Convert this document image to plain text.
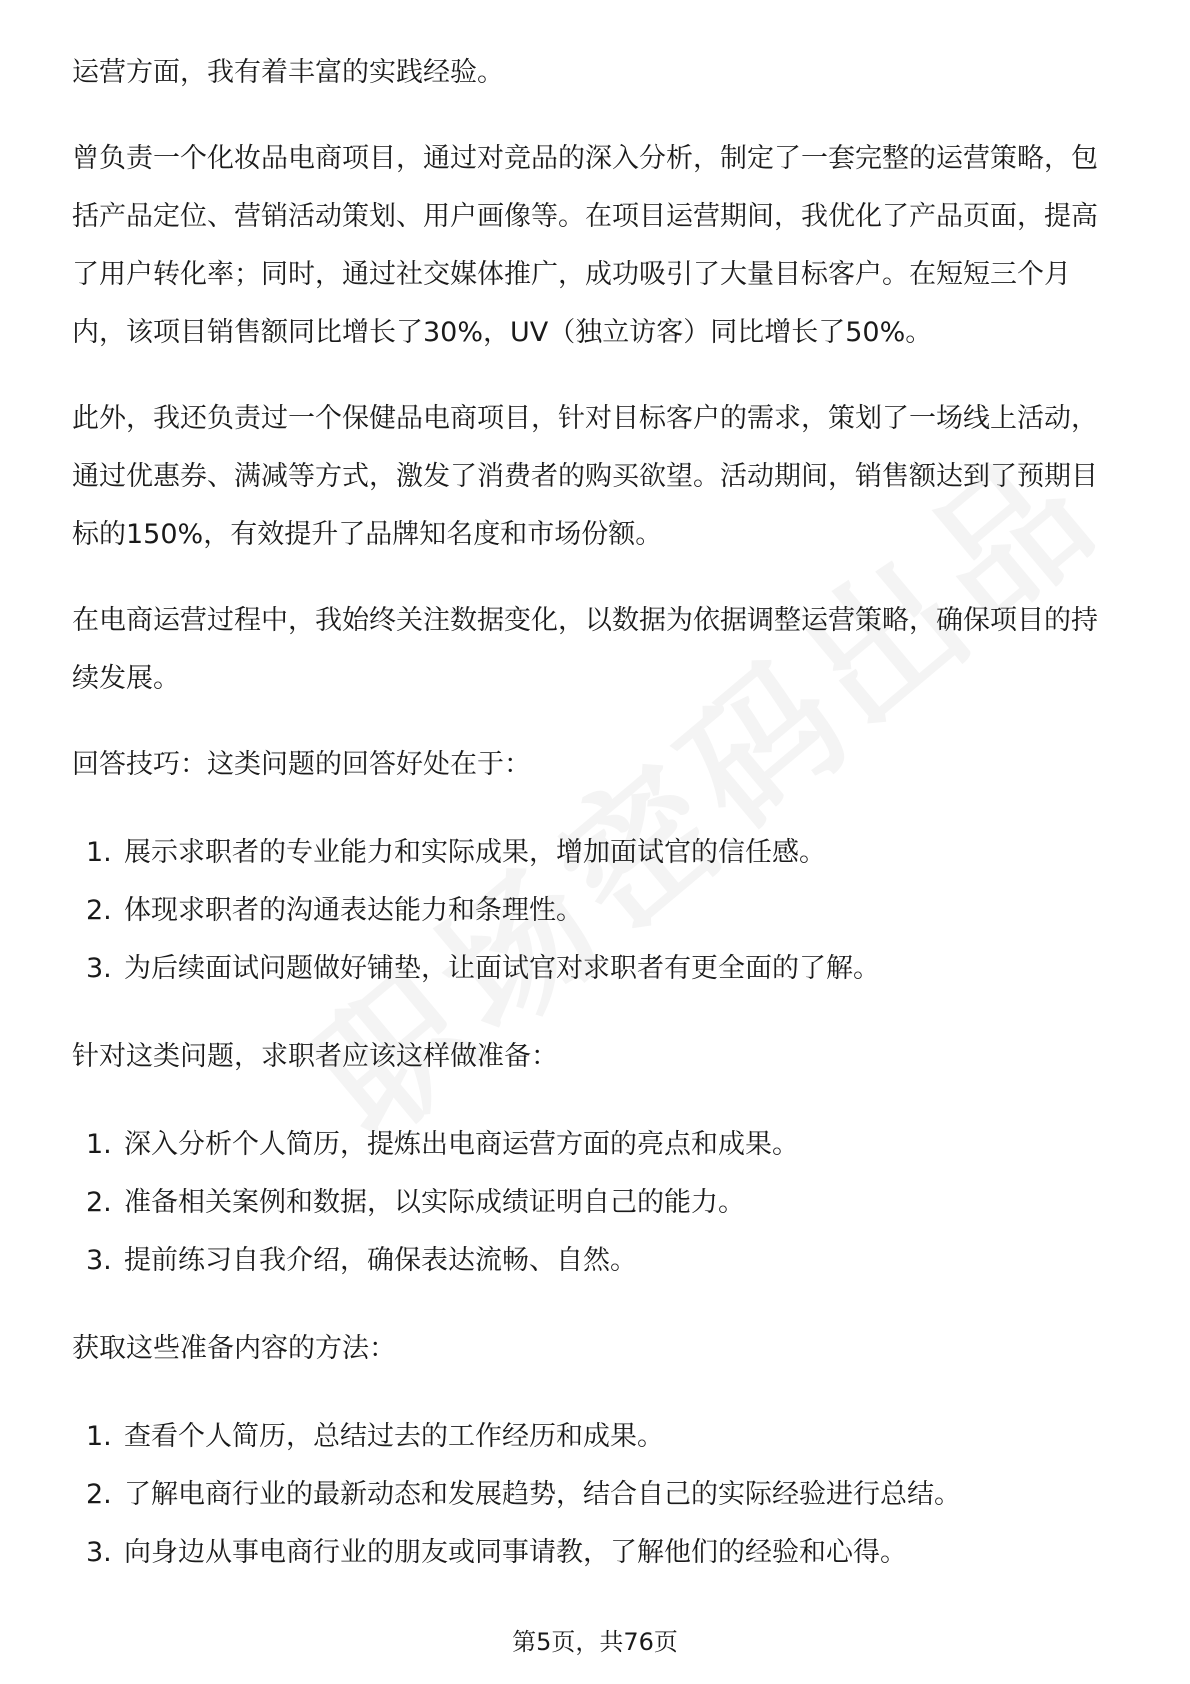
运营方面，我有着丰富的实践经验。

曾负责一个化妆品电商项目，通过对竞品的深入分析，制定了一套完整的运营策略，包括产品定位、营销活动策划、用户画像等。在项目运营期间，我优化了产品页面，提高了用户转化率；同时，通过社交媒体推广，成功吸引了大量目标客户。在短短三个月内，该项目销售额同比增长了30%，UV（独立访客）同比增长了50%。

此外，我还负责过一个保健品电商项目，针对目标客户的需求，策划了一场线上活动，通过优惠券、满减等方式，激发了消费者的购买欲望。活动期间，销售额达到了预期目标的150%，有效提升了品牌知名度和市场份额。

在电商运营过程中，我始终关注数据变化，以数据为依据调整运营策略，确保项目的持续发展。

回答技巧：这类问题的回答好处在于：

1. 展示求职者的专业能力和实际成果，增加面试官的信任感。
2. 体现求职者的沟通表达能力和条理性。
3. 为后续面试问题做好铺垫，让面试官对求职者有更全面的了解。

针对这类问题，求职者应该这样做准备：

1. 深入分析个人简历，提炼出电商运营方面的亮点和成果。
2. 准备相关案例和数据，以实际成绩证明自己的能力。
3. 提前练习自我介绍，确保表达流畅、自然。

获取这些准备内容的方法：

1. 查看个人简历，总结过去的工作经历和成果。
2. 了解电商行业的最新动态和发展趋势，结合自己的实际经验进行总结。
3. 向身边从事电商行业的朋友或同事请教，了解他们的经验和心得。
第5页，共76页
